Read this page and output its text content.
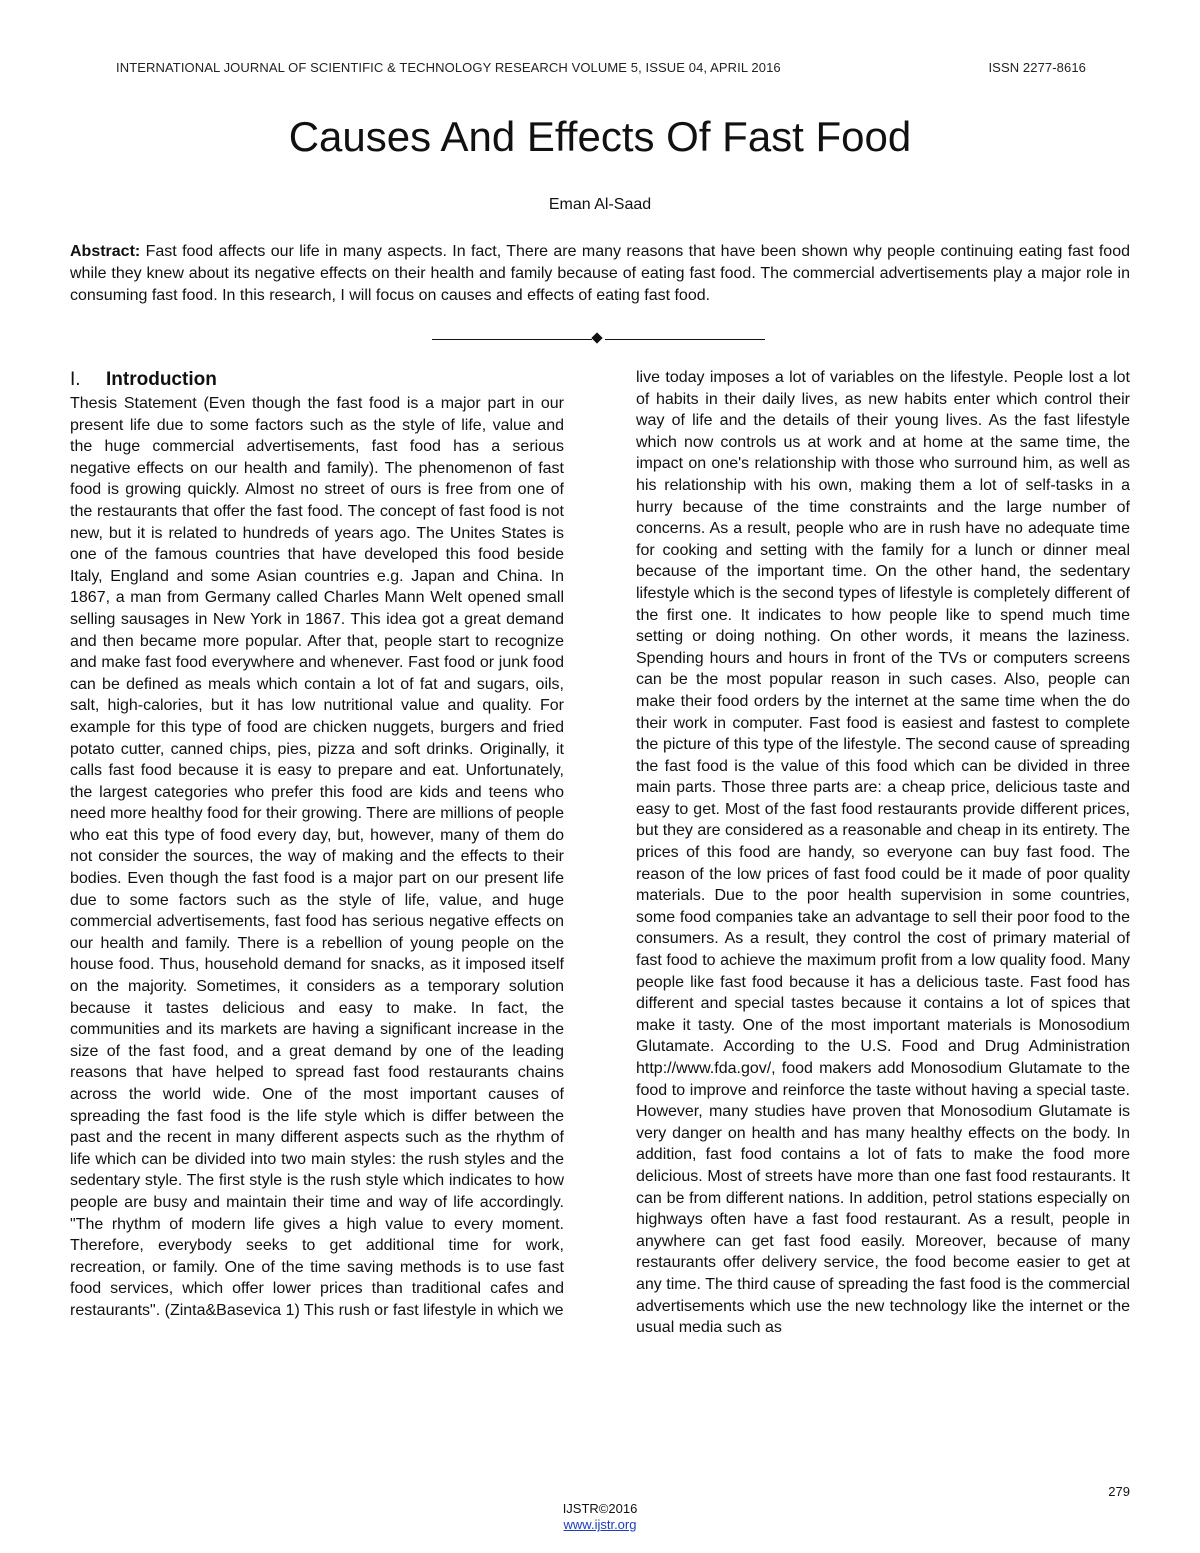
INTERNATIONAL JOURNAL OF SCIENTIFIC & TECHNOLOGY RESEARCH VOLUME 5, ISSUE 04, APRIL 2016	ISSN 2277-8616
Causes And Effects Of Fast Food
Eman Al-Saad
Abstract: Fast food affects our life in many aspects. In fact, There are many reasons that have been shown why people continuing eating fast food while they knew about its negative effects on their health and family because of eating fast food. The commercial advertisements play a major role in consuming fast food. In this research, I will focus on causes and effects of eating fast food.
I. Introduction

Thesis Statement (Even though the fast food is a major part in our present life due to some factors such as the style of life, value and the huge commercial advertisements, fast food has a serious negative effects on our health and family). The phenomenon of fast food is growing quickly. Almost no street of ours is free from one of the restaurants that offer the fast food. The concept of fast food is not new, but it is related to hundreds of years ago. The Unites States is one of the famous countries that have developed this food beside Italy, England and some Asian countries e.g. Japan and China. In 1867, a man from Germany called Charles Mann Welt opened small selling sausages in New York in 1867. This idea got a great demand and then became more popular. After that, people start to recognize and make fast food everywhere and whenever. Fast food or junk food can be defined as meals which contain a lot of fat and sugars, oils, salt, high-calories, but it has low nutritional value and quality. For example for this type of food are chicken nuggets, burgers and fried potato cutter, canned chips, pies, pizza and soft drinks. Originally, it calls fast food because it is easy to prepare and eat. Unfortunately, the largest categories who prefer this food are kids and teens who need more healthy food for their growing. There are millions of people who eat this type of food every day, but, however, many of them do not consider the sources, the way of making and the effects to their bodies. Even though the fast food is a major part on our present life due to some factors such as the style of life, value, and huge commercial advertisements, fast food has serious negative effects on our health and family. There is a rebellion of young people on the house food. Thus, household demand for snacks, as it imposed itself on the majority. Sometimes, it considers as a temporary solution because it tastes delicious and easy to make. In fact, the communities and its markets are having a significant increase in the size of the fast food, and a great demand by one of the leading reasons that have helped to spread fast food restaurants chains across the world wide. One of the most important causes of spreading the fast food is the life style which is differ between the past and the recent in many different aspects such as the rhythm of life which can be divided into two main styles: the rush styles and the sedentary style. The first style is the rush style which indicates to how people are busy and maintain their time and way of life accordingly. "The rhythm of modern life gives a high value to every moment. Therefore, everybody seeks to get additional time for work, recreation, or family. One of the time saving methods is to use fast food services, which offer lower prices than traditional cafes and restaurants". (Zinta&Basevica 1) This rush or fast lifestyle in which we

live today imposes a lot of variables on the lifestyle. People lost a lot of habits in their daily lives, as new habits enter which control their way of life and the details of their young lives. As the fast lifestyle which now controls us at work and at home at the same time, the impact on one's relationship with those who surround him, as well as his relationship with his own, making them a lot of self-tasks in a hurry because of the time constraints and the large number of concerns. As a result, people who are in rush have no adequate time for cooking and setting with the family for a lunch or dinner meal because of the important time. On the other hand, the sedentary lifestyle which is the second types of lifestyle is completely different of the first one. It indicates to how people like to spend much time setting or doing nothing. On other words, it means the laziness. Spending hours and hours in front of the TVs or computers screens can be the most popular reason in such cases. Also, people can make their food orders by the internet at the same time when the do their work in computer. Fast food is easiest and fastest to complete the picture of this type of the lifestyle. The second cause of spreading the fast food is the value of this food which can be divided in three main parts. Those three parts are: a cheap price, delicious taste and easy to get. Most of the fast food restaurants provide different prices, but they are considered as a reasonable and cheap in its entirety. The prices of this food are handy, so everyone can buy fast food. The reason of the low prices of fast food could be it made of poor quality materials. Due to the poor health supervision in some countries, some food companies take an advantage to sell their poor food to the consumers. As a result, they control the cost of primary material of fast food to achieve the maximum profit from a low quality food. Many people like fast food because it has a delicious taste. Fast food has different and special tastes because it contains a lot of spices that make it tasty. One of the most important materials is Monosodium Glutamate. According to the U.S. Food and Drug Administration http://www.fda.gov/, food makers add Monosodium Glutamate to the food to improve and reinforce the taste without having a special taste. However, many studies have proven that Monosodium Glutamate is very danger on health and has many healthy effects on the body. In addition, fast food contains a lot of fats to make the food more delicious. Most of streets have more than one fast food restaurants. It can be from different nations. In addition, petrol stations especially on highways often have a fast food restaurant. As a result, people in anywhere can get fast food easily. Moreover, because of many restaurants offer delivery service, the food become easier to get at any time. The third cause of spreading the fast food is the commercial advertisements which use the new technology like the internet or the usual media such as

279
IJSTR©2016
www.ijstr.org
